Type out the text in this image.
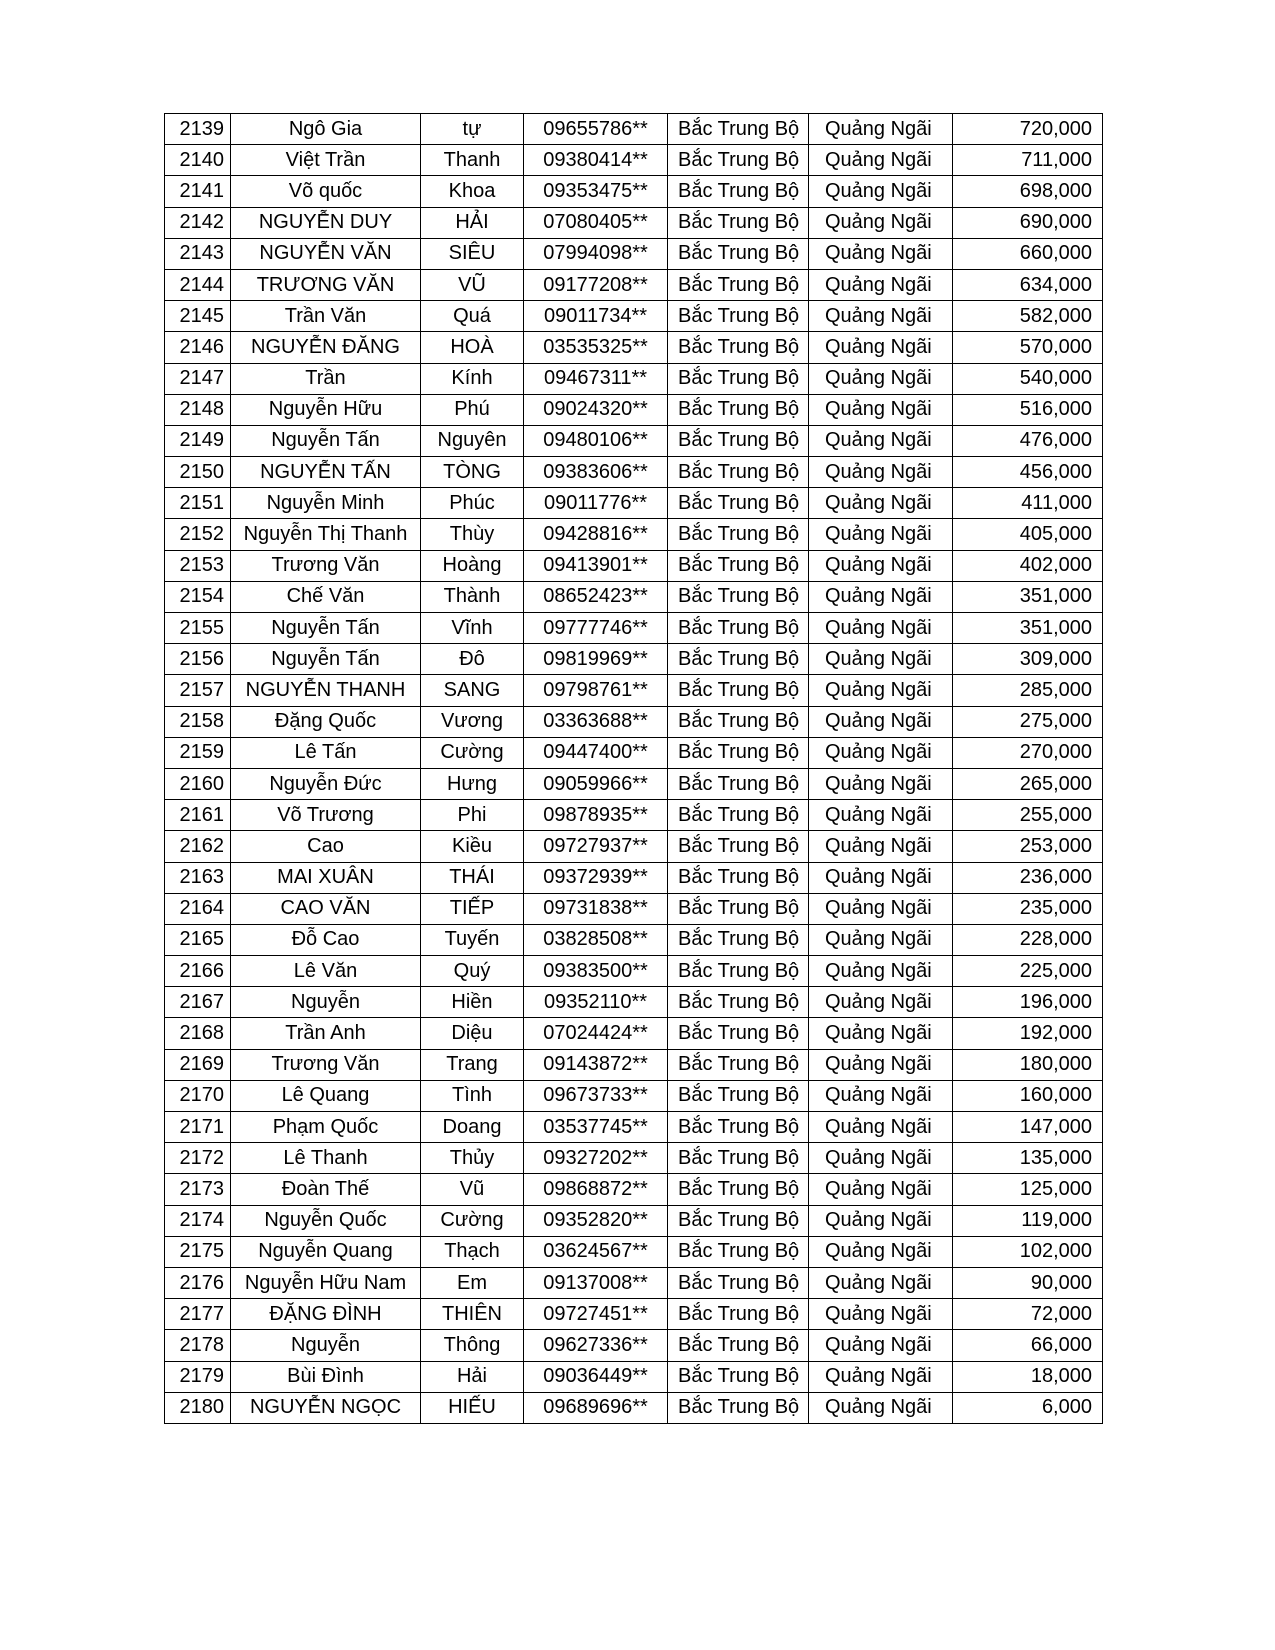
2139	Ngô Gia	tự	09655786**	Bắc Trung Bộ	Quảng Ngãi	720,000
2140	Việt Trần	Thanh	09380414**	Bắc Trung Bộ	Quảng Ngãi	711,000
2141	Võ quốc	Khoa	09353475**	Bắc Trung Bộ	Quảng Ngãi	698,000
2142	NGUYỄN DUY	HẢI	07080405**	Bắc Trung Bộ	Quảng Ngãi	690,000
2143	NGUYỄN VĂN	SIÊU	07994098**	Bắc Trung Bộ	Quảng Ngãi	660,000
2144	TRƯƠNG VĂN	VŨ	09177208**	Bắc Trung Bộ	Quảng Ngãi	634,000
2145	Trần Văn	Quá	09011734**	Bắc Trung Bộ	Quảng Ngãi	582,000
2146	NGUYỄN ĐĂNG	HOÀ	03535325**	Bắc Trung Bộ	Quảng Ngãi	570,000
2147	Trần	Kính	09467311**	Bắc Trung Bộ	Quảng Ngãi	540,000
2148	Nguyễn Hữu	Phú	09024320**	Bắc Trung Bộ	Quảng Ngãi	516,000
2149	Nguyễn Tấn	Nguyên	09480106**	Bắc Trung Bộ	Quảng Ngãi	476,000
2150	NGUYỄN TẤN	TÒNG	09383606**	Bắc Trung Bộ	Quảng Ngãi	456,000
2151	Nguyễn Minh	Phúc	09011776**	Bắc Trung Bộ	Quảng Ngãi	411,000
2152	Nguyễn Thị Thanh	Thùy	09428816**	Bắc Trung Bộ	Quảng Ngãi	405,000
2153	Trương Văn	Hoàng	09413901**	Bắc Trung Bộ	Quảng Ngãi	402,000
2154	Chế Văn	Thành	08652423**	Bắc Trung Bộ	Quảng Ngãi	351,000
2155	Nguyễn Tấn	Vĩnh	09777746**	Bắc Trung Bộ	Quảng Ngãi	351,000
2156	Nguyễn Tấn	Đô	09819969**	Bắc Trung Bộ	Quảng Ngãi	309,000
2157	NGUYỄN THANH	SANG	09798761**	Bắc Trung Bộ	Quảng Ngãi	285,000
2158	Đặng Quốc	Vương	03363688**	Bắc Trung Bộ	Quảng Ngãi	275,000
2159	Lê Tấn	Cường	09447400**	Bắc Trung Bộ	Quảng Ngãi	270,000
2160	Nguyễn Đức	Hưng	09059966**	Bắc Trung Bộ	Quảng Ngãi	265,000
2161	Võ Trương	Phi	09878935**	Bắc Trung Bộ	Quảng Ngãi	255,000
2162	Cao	Kiều	09727937**	Bắc Trung Bộ	Quảng Ngãi	253,000
2163	MAI XUÂN	THÁI	09372939**	Bắc Trung Bộ	Quảng Ngãi	236,000
2164	CAO VĂN	TIẾP	09731838**	Bắc Trung Bộ	Quảng Ngãi	235,000
2165	Đỗ Cao	Tuyến	03828508**	Bắc Trung Bộ	Quảng Ngãi	228,000
2166	Lê Văn	Quý	09383500**	Bắc Trung Bộ	Quảng Ngãi	225,000
2167	Nguyễn	Hiền	09352110**	Bắc Trung Bộ	Quảng Ngãi	196,000
2168	Trần Anh	Diệu	07024424**	Bắc Trung Bộ	Quảng Ngãi	192,000
2169	Trương Văn	Trang	09143872**	Bắc Trung Bộ	Quảng Ngãi	180,000
2170	Lê Quang	Tình	09673733**	Bắc Trung Bộ	Quảng Ngãi	160,000
2171	Phạm Quốc	Doang	03537745**	Bắc Trung Bộ	Quảng Ngãi	147,000
2172	Lê Thanh	Thủy	09327202**	Bắc Trung Bộ	Quảng Ngãi	135,000
2173	Đoàn Thế	Vũ	09868872**	Bắc Trung Bộ	Quảng Ngãi	125,000
2174	Nguyễn Quốc	Cường	09352820**	Bắc Trung Bộ	Quảng Ngãi	119,000
2175	Nguyễn Quang	Thạch	03624567**	Bắc Trung Bộ	Quảng Ngãi	102,000
2176	Nguyễn Hữu Nam	Em	09137008**	Bắc Trung Bộ	Quảng Ngãi	90,000
2177	ĐẶNG ĐÌNH	THIÊN	09727451**	Bắc Trung Bộ	Quảng Ngãi	72,000
2178	Nguyễn	Thông	09627336**	Bắc Trung Bộ	Quảng Ngãi	66,000
2179	Bùi Đình	Hải	09036449**	Bắc Trung Bộ	Quảng Ngãi	18,000
2180	NGUYỄN NGỌC	HIẾU	09689696**	Bắc Trung Bộ	Quảng Ngãi	6,000
